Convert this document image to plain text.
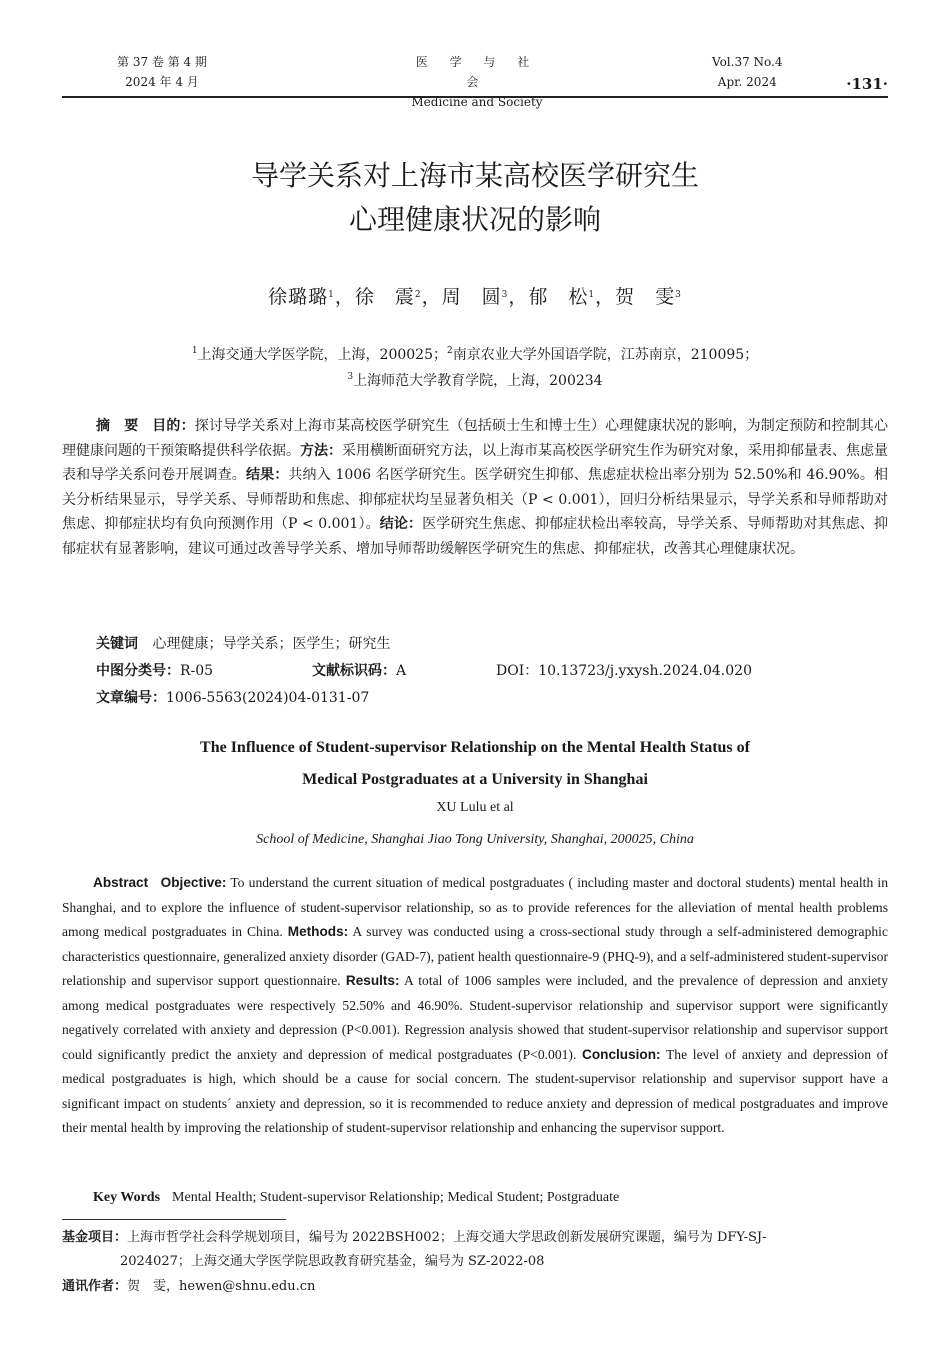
第 37 卷 第 4 期
2024 年 4 月
医 学 与 社 会
Medicine and Society
Vol.37 No.4
Apr. 2024	·131·
导学关系对上海市某高校医学研究生
心理健康状况的影响
徐璐璐$^1$，徐　震$^2$，周　圆$^3$，郁　松$^1$，贺　雯$^3$
$^1$上海交通大学医学院，上海，200025；$^2$南京农业大学外国语学院，江苏南京，210095；
$^3$上海师范大学教育学院，上海，200234
摘　要 目的：探讨导学关系对上海市某高校医学研究生（包括硕士生和博士生）心理健康状况的影响，为制定预防和控制其心理健康问题的干预策略提供科学依据。方法：采用横断面研究方法，以上海市某高校医学研究生作为研究对象，采用抑郁量表、焦虑量表和导学关系问卷开展调查。结果：共纳入 1006 名医学研究生。医学研究生抑郁、焦虑症状检出率分别为 52.50%和 46.90%。相关分析结果显示，导学关系、导师帮助和焦虑、抑郁症状均呈显著负相关（P < 0.001），回归分析结果显示，导学关系和导师帮助对焦虑、抑郁症状均有负向预测作用（P < 0.001）。结论：医学研究生焦虑、抑郁症状检出率较高，导学关系、导师帮助对其焦虑、抑郁症状有显著影响，建议可通过改善导学关系、增加导师帮助缓解医学研究生的焦虑、抑郁症状，改善其心理健康状况。
关键词 心理健康；导学关系；医学生；研究生
中图分类号：R-05	文献标识码：A	DOI：10.13723/j.yxysh.2024.04.020
文章编号：1006-5563(2024)04-0131-07
The Influence of Student-supervisor Relationship on the Mental Health Status of
Medical Postgraduates at a University in Shanghai
XU Lulu et al
School of Medicine, Shanghai Jiao Tong University, Shanghai, 200025, China
Abstract Objective: To understand the current situation of medical postgraduates ( including master and doctoral students) mental health in Shanghai, and to explore the influence of student-supervisor relationship, so as to provide references for the alleviation of mental health problems among medical postgraduates in China. Methods: A survey was conducted using a cross-sectional study through a self-administered demographic characteristics questionnaire, generalized anxiety disorder (GAD-7), patient health questionnaire-9 (PHQ-9), and a self-administered student-supervisor relationship and supervisor support questionnaire. Results: A total of 1006 samples were included, and the prevalence of depression and anxiety among medical postgraduates were respectively 52.50% and 46.90%. Student-supervisor relationship and supervisor support were significantly negatively correlated with anxiety and depression (P<0.001). Regression analysis showed that student-supervisor relationship and supervisor support could significantly predict the anxiety and depression of medical postgraduates (P<0.001). Conclusion: The level of anxiety and depression of medical postgraduates is high, which should be a cause for social concern. The student-supervisor relationship and supervisor support have a significant impact on students´ anxiety and depression, so it is recommended to reduce anxiety and depression of medical postgraduates and improve their mental health by improving the relationship of student-supervisor relationship and enhancing the supervisor support.
Key Words Mental Health; Student-supervisor Relationship; Medical Student; Postgraduate
基金项目：上海市哲学社会科学规划项目，编号为 2022BSH002；上海交通大学思政创新发展研究课题，编号为 DFY-SJ-
2024027；上海交通大学医学院思政教育研究基金，编号为 SZ-2022-08
通讯作者：贺　雯，hewen@shnu.edu.cn
